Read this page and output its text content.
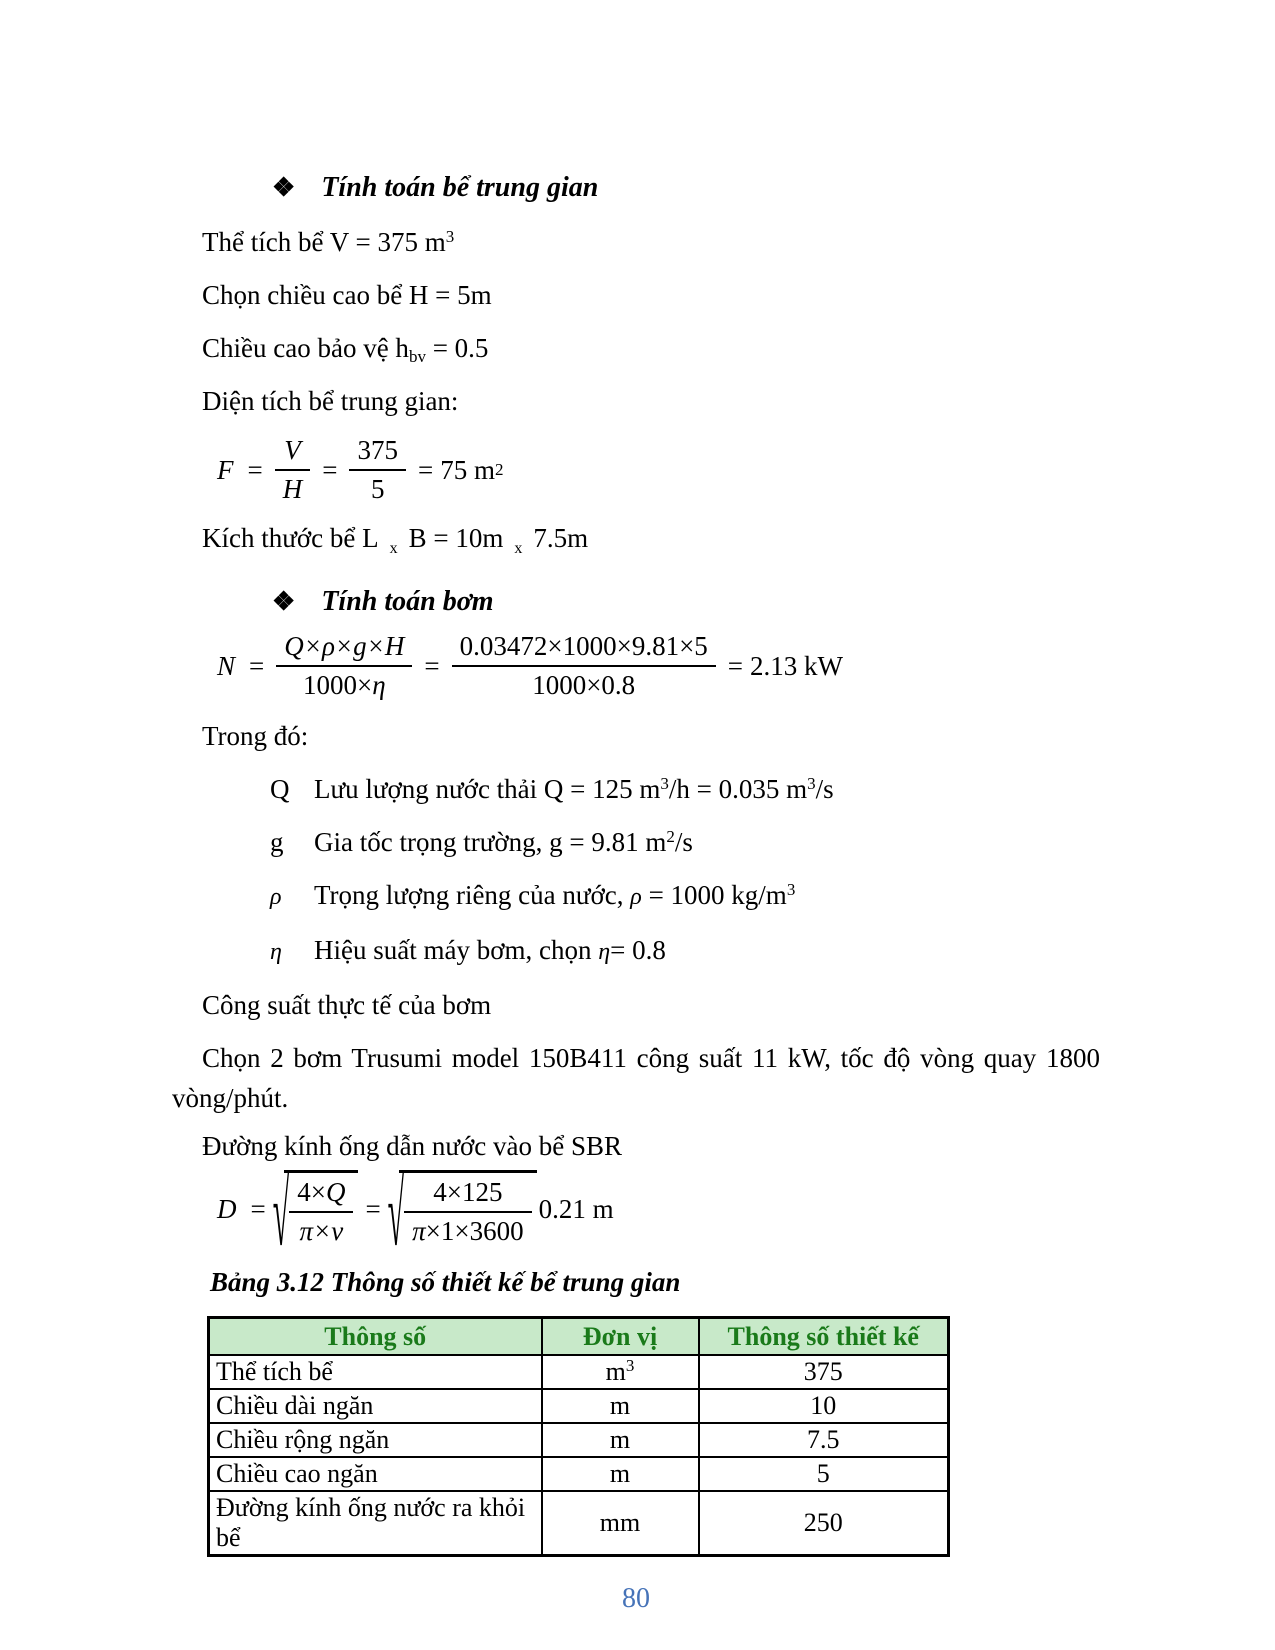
❖ Tính toán bể trung gian

Thể tích bể V = 375 $m^3$

Chọn chiều cao bể H = 5m

Chiều cao bảo vệ $h_{bv} = 0.5$

Diện tích bể trung gian:

$F = \frac{V}{H} = \frac{375}{5} = 75$ m 2

Kích thước bể L $_x$ B = 10m $_x$ 7.5m

❖ Tính toán bơm
$N = \frac{Q\times\rho\times g\times H}{1000\times\eta} = \frac{0.03472\times 1000\times 9.81\times 5}{1000\times 0.8} = 2.13$ kW

Trong đó:

Q Lưu lượng nước thải Q = 125 $m^3/h = 0.035$ $m^3/s$
g Gia tốc trọng trường, g = 9.81 $m^2/s$
ρ Trọng lượng riêng của nước, ρ = 1000 $kg/m^3$
η Hiệu suất máy bơm, chọn η= 0.8

Công suất thực tế của bơm

Chọn 2 bơm Trusumi model 150B411 công suất 11 kW, tốc độ vòng quay 1800 vòng/phút.

Đường kính ống dẫn nước vào bể SBR

D = √ $\frac{4\times Q}{\pi\times v}$ = √ $\frac{4\times 125}{\pi\times 1\times 3600} 0.21$ m
Bảng 3.12 Thông số thiết kế bể trung gian
Thông số	Đơn vị	Thông số thiết kế
Thể tích bể	$m^3$	375
Chiều dài ngăn	m	10
Chiều rộng ngăn	m	7.5
Chiều cao ngăn	m	5
Đường kính ống nước ra khỏi bể	mm	250
80
